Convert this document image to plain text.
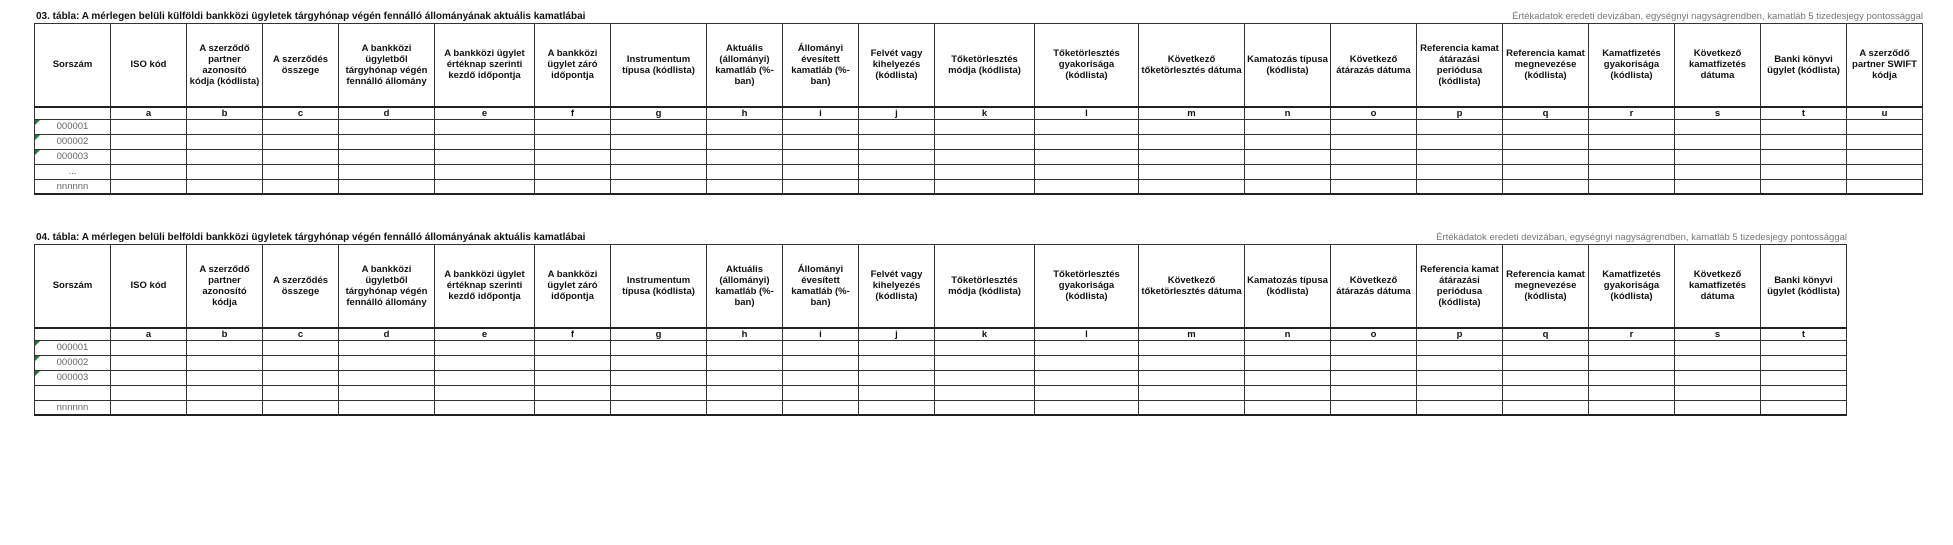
03. tábla: A mérlegen belüli külföldi bankközi ügyletek tárgyhónap végén fennálló állományának aktuális kamatlábai	Értékadatok eredeti devizában, egységnyi nagyságrendben, kamatláb 5 tizedesjegy pontossággal
Sorszám	ISO kód	A szerződő partner azonosító kódja (kódlista)	A szerződés összege	A bankközi ügyletből tárgyhónap végén fennálló állomány	A bankközi ügylet értéknap szerinti kezdő időpontja	A bankközi ügylet záró időpontja	Instrumentum típusa (kódlista)	Aktuális (állományi) kamatláb (%-ban)	Állományi évesített kamatláb (%-ban)	Felvét vagy kihelyezés (kódlista)	Tőketörlesztés módja (kódlista)	Tőketörlesztés gyakorisága (kódlista)	Következő tőketörlesztés dátuma	Kamatozás típusa (kódlista)	Következő átárazás dátuma	Referencia kamat átárazási periódusa (kódlista)	Referencia kamat megnevezése (kódlista)	Kamatfizetés gyakorisága (kódlista)	Következő kamatfizetés dátuma	Banki könyvi ügylet (kódlista)	A szerződő partner SWIFT kódja

	a	b	c	d	e	f	g	h	i	j	k	l	m	n	o	p	q	r	s	t	u
000001																					
000002																					
000003																					
...																					
nnnnnn																					
04. tábla: A mérlegen belüli belföldi bankközi ügyletek tárgyhónap végén fennálló állományának aktuális kamatlábai	Értékadatok eredeti devizában, egységnyi nagyságrendben, kamatláb 5 tizedesjegy pontossággal
Sorszám	ISO kód	A szerződő partner azonosító kódja	A szerződés összege	A bankközi ügyletből tárgyhónap végén fennálló állomány	A bankközi ügylet értéknap szerinti kezdő időpontja	A bankközi ügylet záró időpontja	Instrumentum típusa (kódlista)	Aktuális (állományi) kamatláb (%-ban)	Állományi évesített kamatláb (%-ban)	Felvét vagy kihelyezés (kódlista)	Tőketörlesztés módja (kódlista)	Tőketörlesztés gyakorisága (kódlista)	Következő tőketörlesztés dátuma	Kamatozás típusa (kódlista)	Következő átárazás dátuma	Referencia kamat átárazási periódusa (kódlista)	Referencia kamat megnevezése (kódlista)	Kamatfizetés gyakorisága (kódlista)	Következő kamatfizetés dátuma	Banki könyvi ügylet (kódlista)

	a	b	c	d	e	f	g	h	i	j	k	l	m	n	o	p	q	r	s	t
000001																				
000002																				
000003																				

nnnnnn																				
